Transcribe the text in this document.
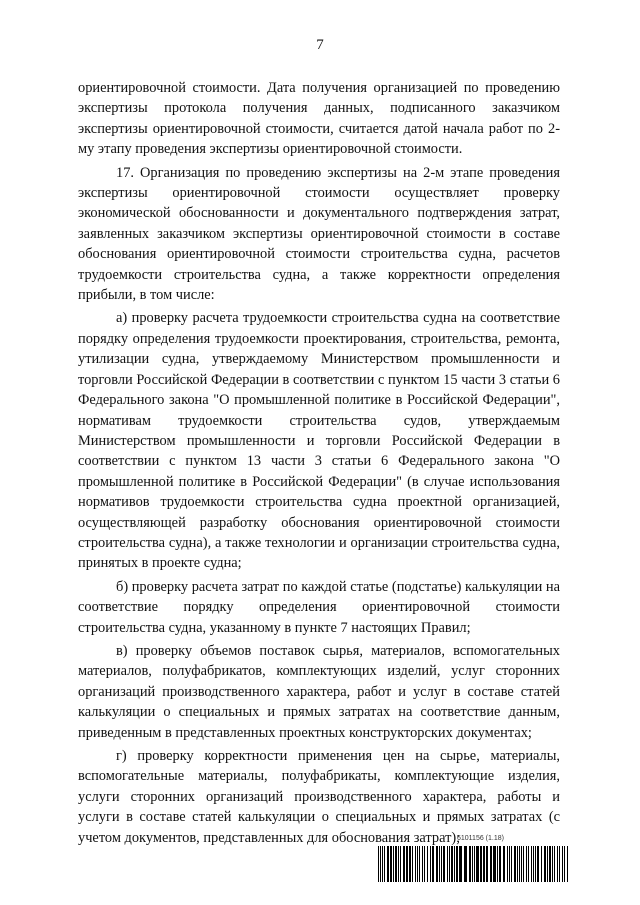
7

ориентировочной стоимости. Дата получения организацией по проведению экспертизы протокола получения данных, подписанного заказчиком экспертизы ориентировочной стоимости, считается датой начала работ по 2-му этапу проведения экспертизы ориентировочной стоимости.

17. Организация по проведению экспертизы на 2-м этапе проведения экспертизы ориентировочной стоимости осуществляет проверку экономической обоснованности и документального подтверждения затрат, заявленных заказчиком экспертизы ориентировочной стоимости в составе обоснования ориентировочной стоимости строительства судна, расчетов трудоемкости строительства судна, а также корректности определения прибыли, в том числе:

а) проверку расчета трудоемкости строительства судна на соответствие порядку определения трудоемкости проектирования, строительства, ремонта, утилизации судна, утверждаемому Министерством промышленности и торговли Российской Федерации в соответствии с пунктом 15 части 3 статьи 6 Федерального закона "О промышленной политике в Российской Федерации", нормативам трудоемкости строительства судов, утверждаемым Министерством промышленности и торговли Российской Федерации в соответствии с пунктом 13 части 3 статьи 6 Федерального закона "О промышленной политике в Российской Федерации" (в случае использования нормативов трудоемкости строительства судна проектной организацией, осуществляющей разработку обоснования ориентировочной стоимости строительства судна), а также технологии и организации строительства судна, принятых в проекте судна;

б) проверку расчета затрат по каждой статье (подстатье) калькуляции на соответствие порядку определения ориентировочной стоимости строительства судна, указанному в пункте 7 настоящих Правил;

в) проверку объемов поставок сырья, материалов, вспомогательных материалов, полуфабрикатов, комплектующих изделий, услуг сторонних организаций производственного характера, работ и услуг в составе статей калькуляции о специальных и прямых затратах на соответствие данным, приведенным в представленных проектных конструкторских документах;

г) проверку корректности применения цен на сырье, материалы, вспомогательные материалы, полуфабрикаты, комплектующие изделия, услуги сторонних организаций производственного характера, работы и услуги в составе статей калькуляции о специальных и прямых затратах (с учетом документов, представленных для обоснования затрат);

6101156 (1.18)
